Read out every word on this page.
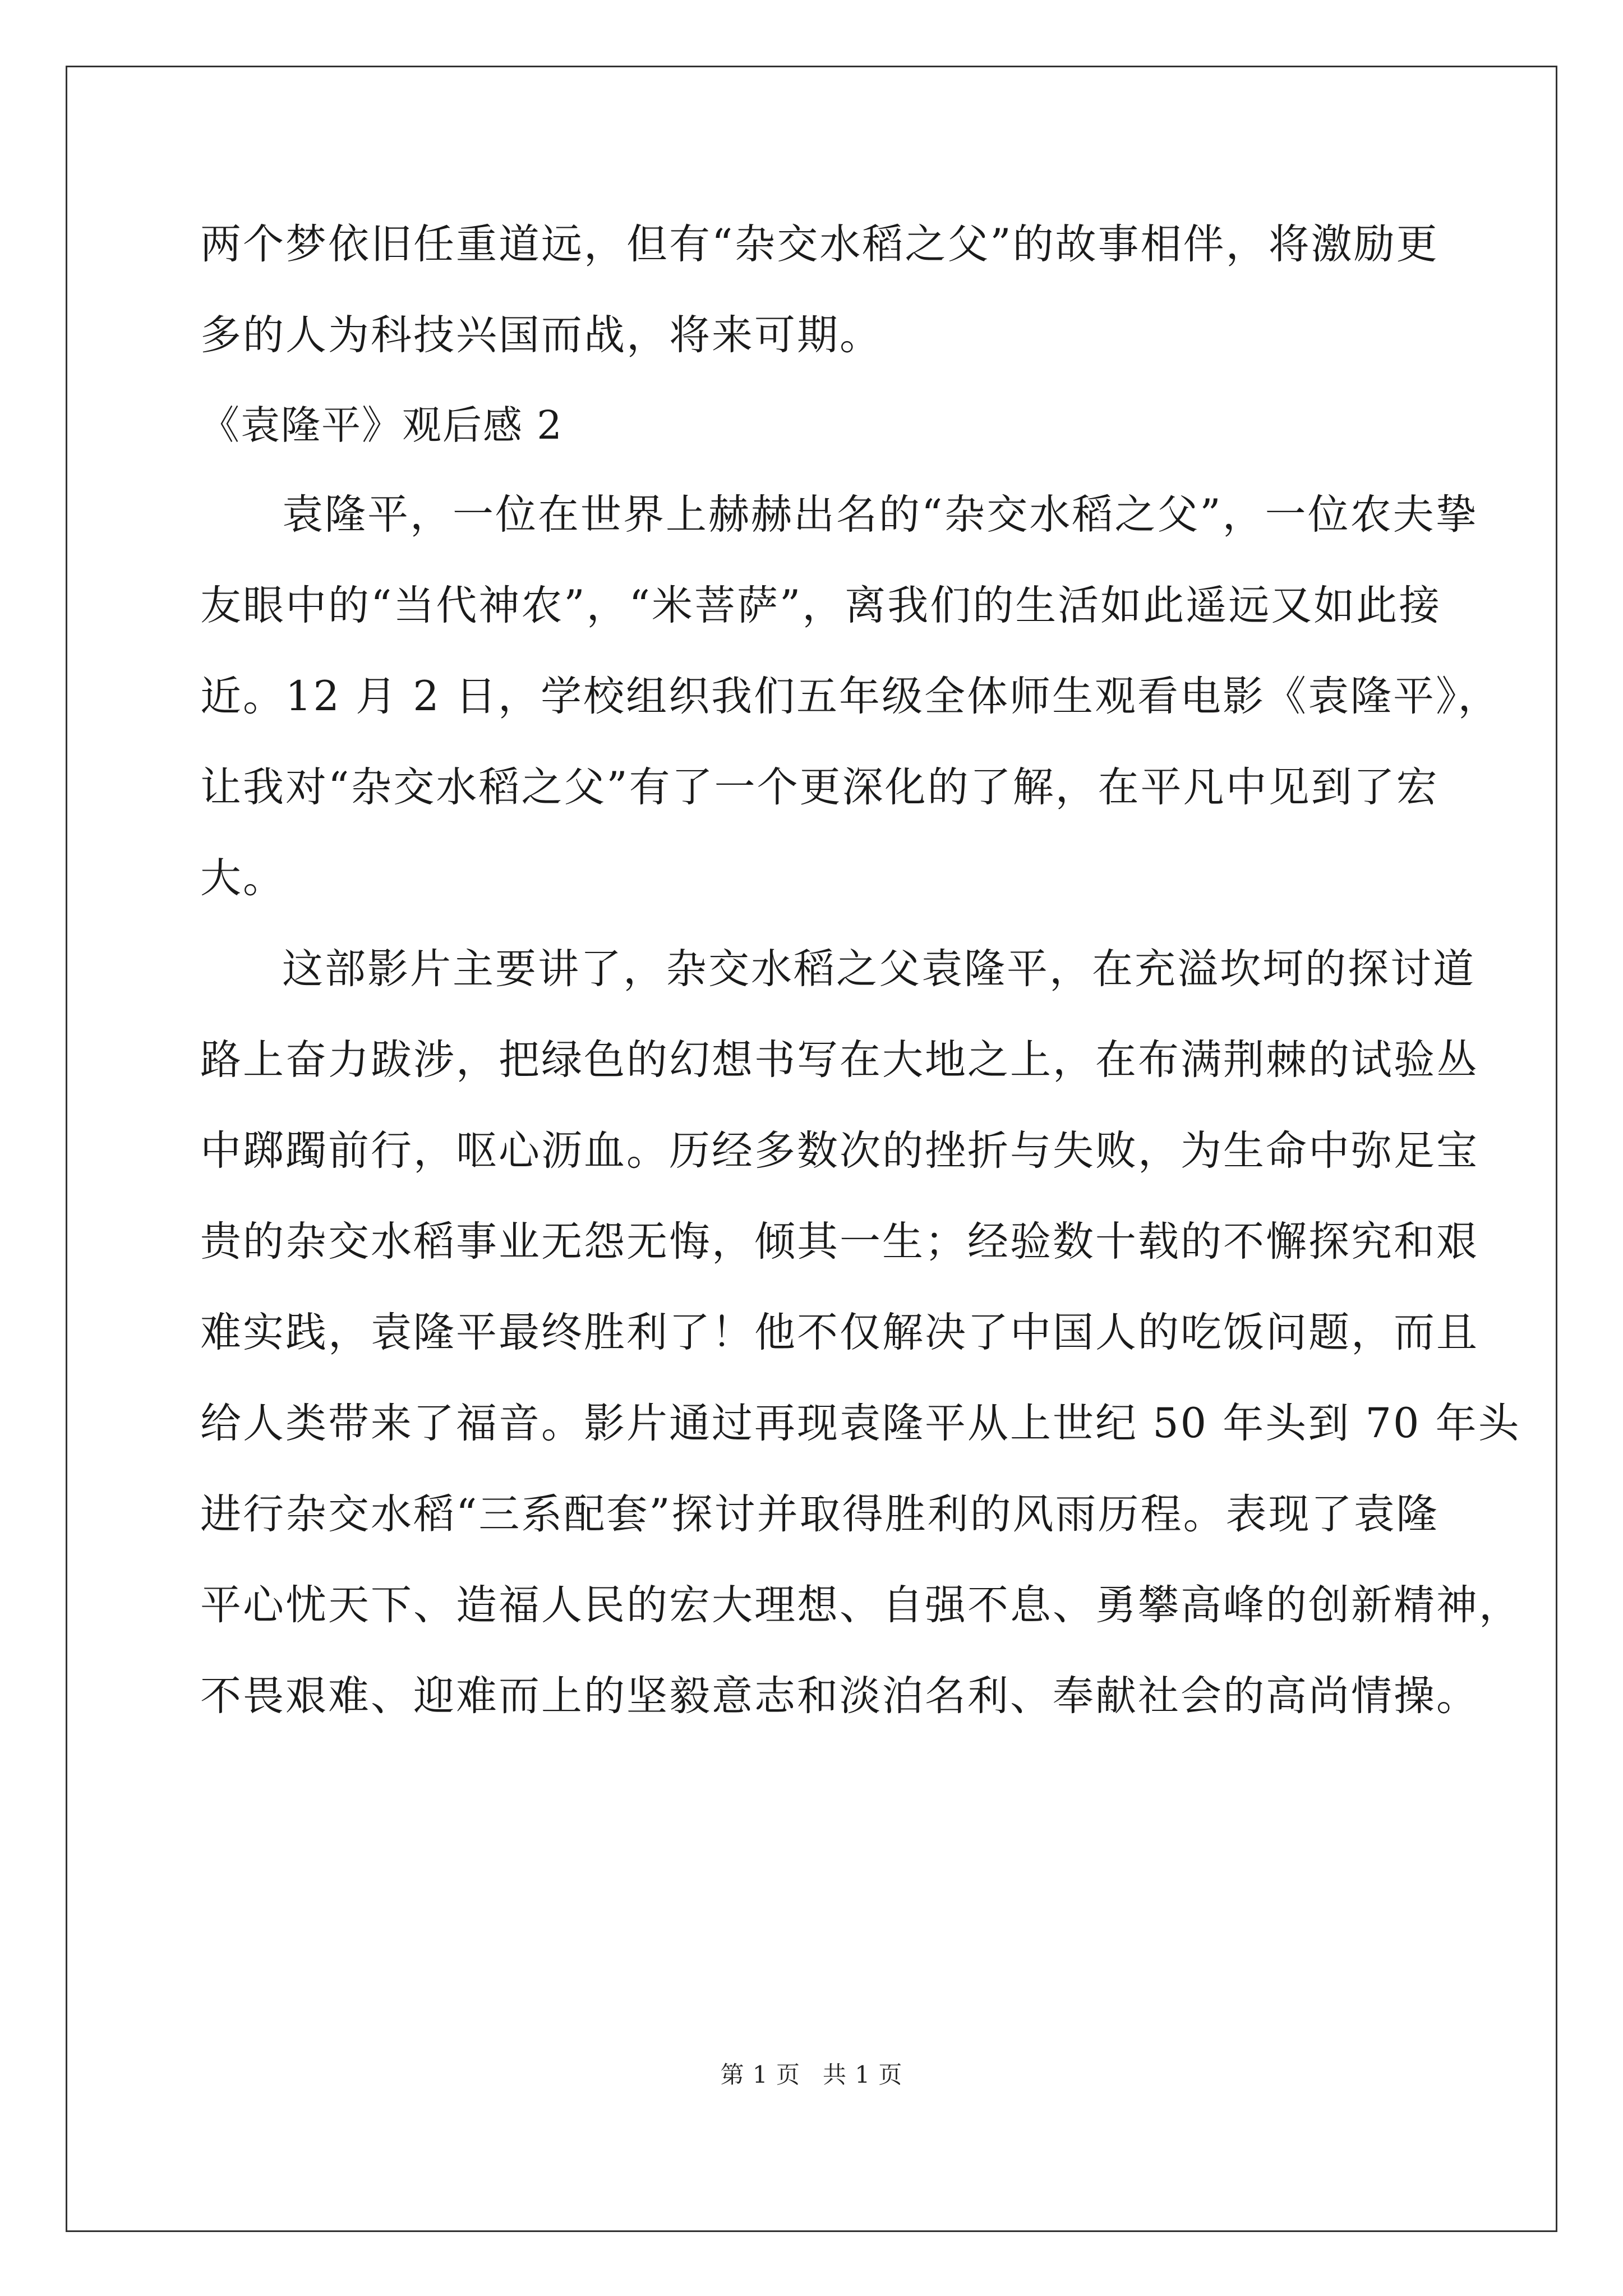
两个梦依旧任重道远，但有“杂交水稻之父”的故事相伴，将激励更
多的人为科技兴国而战，将来可期。
《袁隆平》观后感 2
袁隆平，一位在世界上赫赫出名的“杂交水稻之父”，一位农夫挚
友眼中的“当代神农”，“米菩萨”，离我们的生活如此遥远又如此接
近。12 月 2 日，学校组织我们五年级全体师生观看电影《袁隆平》，
让我对“杂交水稻之父”有了一个更深化的了解，在平凡中见到了宏
大。
这部影片主要讲了，杂交水稻之父袁隆平，在充溢坎坷的探讨道
路上奋力跋涉，把绿色的幻想书写在大地之上，在布满荆棘的试验丛
中踯躅前行，呕心沥血。历经多数次的挫折与失败，为生命中弥足宝
贵的杂交水稻事业无怨无悔，倾其一生；经验数十载的不懈探究和艰
难实践，袁隆平最终胜利了！他不仅解决了中国人的吃饭问题，而且
给人类带来了福音。影片通过再现袁隆平从上世纪 50 年头到 70 年头
进行杂交水稻“三系配套”探讨并取得胜利的风雨历程。表现了袁隆
平心忧天下、造福人民的宏大理想、自强不息、勇攀高峰的创新精神，
不畏艰难、迎难而上的坚毅意志和淡泊名利、奉献社会的高尚情操。
第 1 页 共 1 页
